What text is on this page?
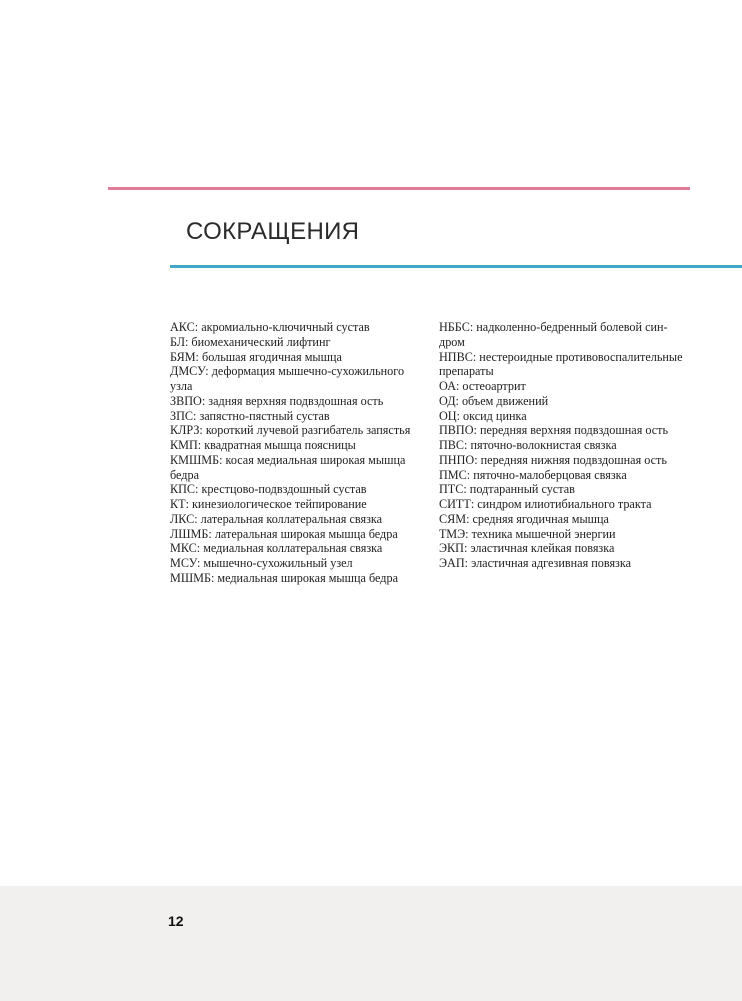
СОКРАЩЕНИЯ
АКС: акромиально-ключичный сустав
БЛ: биомеханический лифтинг
БЯМ: большая ягодичная мышца
ДМСУ: деформация мышечно-сухожильного
узла
ЗВПО: задняя верхняя подвздошная ость
ЗПС: запястно-пястный сустав
КЛРЗ: короткий лучевой разгибатель запястья
КМП: квадратная мышца поясницы
КМШМБ: косая медиальная широкая мышца
бедра
КПС: крестцово-подвздошный сустав
КТ: кинезиологическое тейпирование
ЛКС: латеральная коллатеральная связка
ЛШМБ: латеральная широкая мышца бедра
МКС: медиальная коллатеральная связка
МСУ: мышечно-сухожильный узел
МШМБ: медиальная широкая мышца бедра
НББС: надколенно-бедренный болевой син-
дром
НПВС: нестероидные противовоспалительные
препараты
ОА: остеоартрит
ОД: объем движений
ОЦ: оксид цинка
ПВПО: передняя верхняя подвздошная ость
ПВС: пяточно-волокнистая связка
ПНПО: передняя нижняя подвздошная ость
ПМС: пяточно-малоберцовая связка
ПТС: подтаранный сустав
СИТТ: синдром илиотибиального тракта
СЯМ: средняя ягодичная мышца
ТМЭ: техника мышечной энергии
ЭКП: эластичная клейкая повязка
ЭАП: эластичная адгезивная повязка
12
